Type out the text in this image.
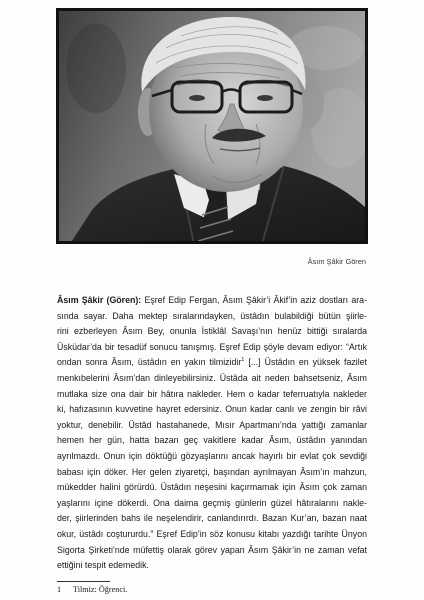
Âsım Şâkir Gören
Âsım Şâkir (Gören): Eşref Edip Fergan, Âsım Şâkir’i Âkif’in aziz dostları ara-
sında sayar. Daha mektep sıralarındayken, üstâdın bulabildiği bütün şiirle-
rini ezberleyen Âsım Bey, onunla İstiklâl Savaşı’nın henüz bittiği sıralarda
Üsküdar’da bir tesadüf sonucu tanışmış. Eşref Edip şöyle devam ediyor: “Artık
ondan sonra Âsım, üstâdın en yakın tilmizidir$^1$ [...] Üstâdın en yüksek fazilet
menkıbelerini Âsım’dan dinleyebilirsiniz. Üstâda ait neden bahsetseniz, Âsım
mutlaka size ona dair bir hâtıra nakleder. Hem o kadar teferruatıyla nakleder
ki, hafızasının kuvvetine hayret edersiniz. Onun kadar canlı ve zengin bir râvi
yoktur, denebilir. Üstâd hastahanede, Mısır Apartmanı’nda yattığı zamanlar
hemen her gün, hatta bazan geç vakitlere kadar Âsım, üstâdın yanından
ayrılmazdı. Onun için döktüğü gözyaşlarını ancak hayırlı bir evlat çok sevdiği
babası için döker. Her gelen ziyaretçi, başından ayrılmayan Âsım’ın mahzun,
mükedder halini görürdü. Üstâdın neşesini kaçırmamak için Âsım çok zaman
yaşlarını içine dökerdi. Ona daima geçmiş günlerin güzel hâtıralarını nakle-
der, şiirlerinden bahs ile neşelendirir, canlandırırdı. Bazan Kur’an, bazan naat
okur, üstâdı coştururdu.” Eşref Edip’in söz konusu kitabı yazdığı tarihte Ünyon
Sigorta Şirketi’nde müfettiş olarak görev yapan Âsım Şâkir’in ne zaman vefat
ettiğini tespit edemedik.
1 Tilmiz: Öğrenci.
